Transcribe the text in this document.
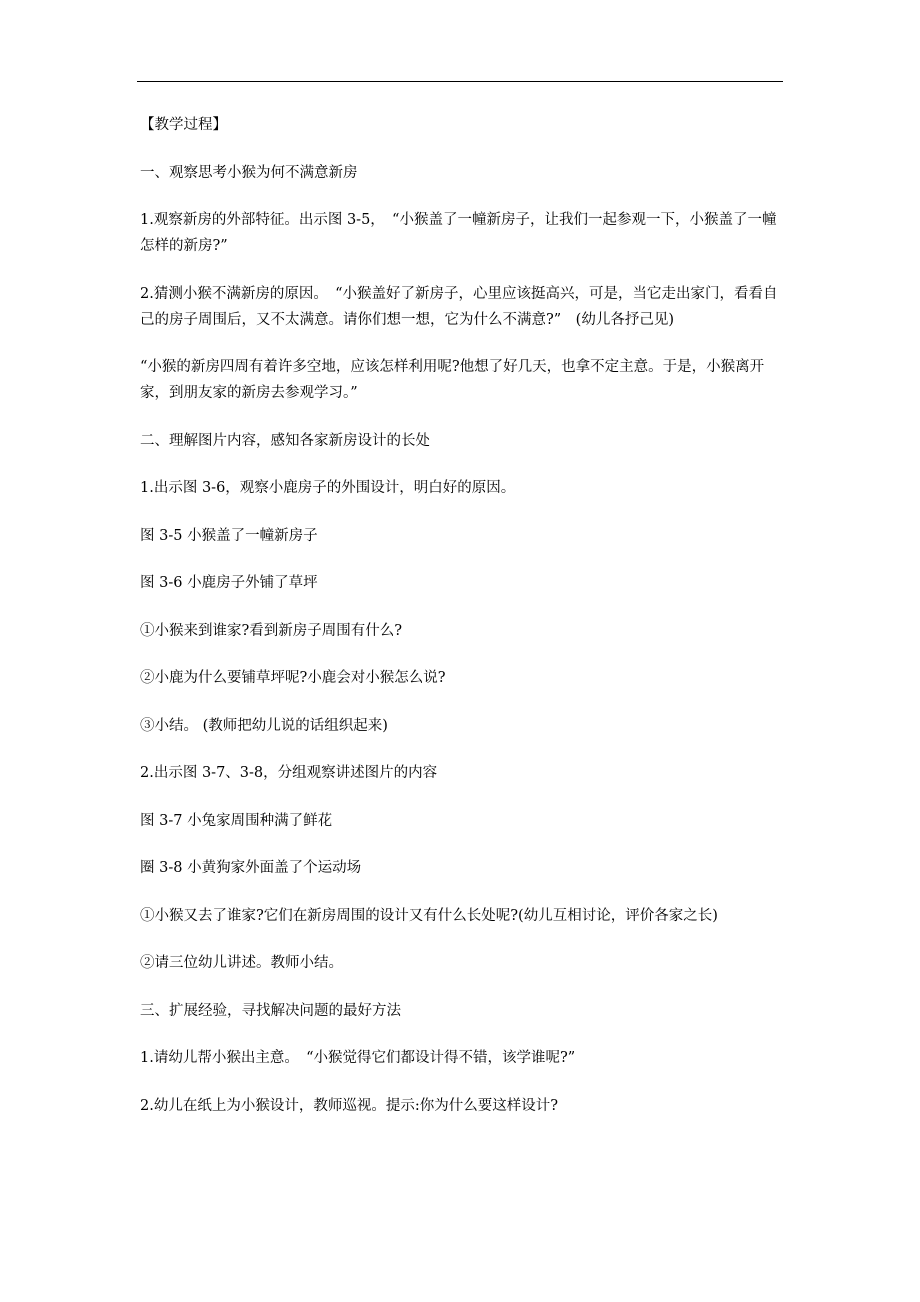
【教学过程】

一、观察思考小猴为何不满意新房

1.观察新房的外部特征。出示图 3-5，　“小猴盖了一幢新房子，让我们一起参观一下，小猴盖了一幢怎样的新房?”

2.猜测小猴不满新房的原因。　“小猴盖好了新房子，心里应该挺高兴，可是，当它走出家门，看看自己的房子周围后，又不太满意。请你们想一想，它为什么不满意?”　(幼儿各抒己见)

“小猴的新房四周有着许多空地，应该怎样利用呢?他想了好几天，也拿不定主意。于是，小猴离开家，到朋友家的新房去参观学习。”

二、理解图片内容，感知各家新房设计的长处

1.出示图 3-6，观察小鹿房子的外围设计，明白好的原因。

图 3-5 小猴盖了一幢新房子

图 3-6 小鹿房子外铺了草坪

①小猴来到谁家?看到新房子周围有什么?

②小鹿为什么要铺草坪呢?小鹿会对小猴怎么说?

③小结。 (教师把幼儿说的话组织起来)

2.出示图 3-7、3-8，分组观察讲述图片的内容

图 3-7 小兔家周围种满了鲜花

圈 3-8 小黄狗家外面盖了个运动场

①小猴又去了谁家?它们在新房周围的设计又有什么长处呢?(幼儿互相讨论，评价各家之长)

②请三位幼儿讲述。教师小结。

三、扩展经验，寻找解决问题的最好方法

1.请幼儿帮小猴出主意。　“小猴觉得它们都设计得不错，该学谁呢?”

2.幼儿在纸上为小猴设计，教师巡视。提示:你为什么要这样设计?
